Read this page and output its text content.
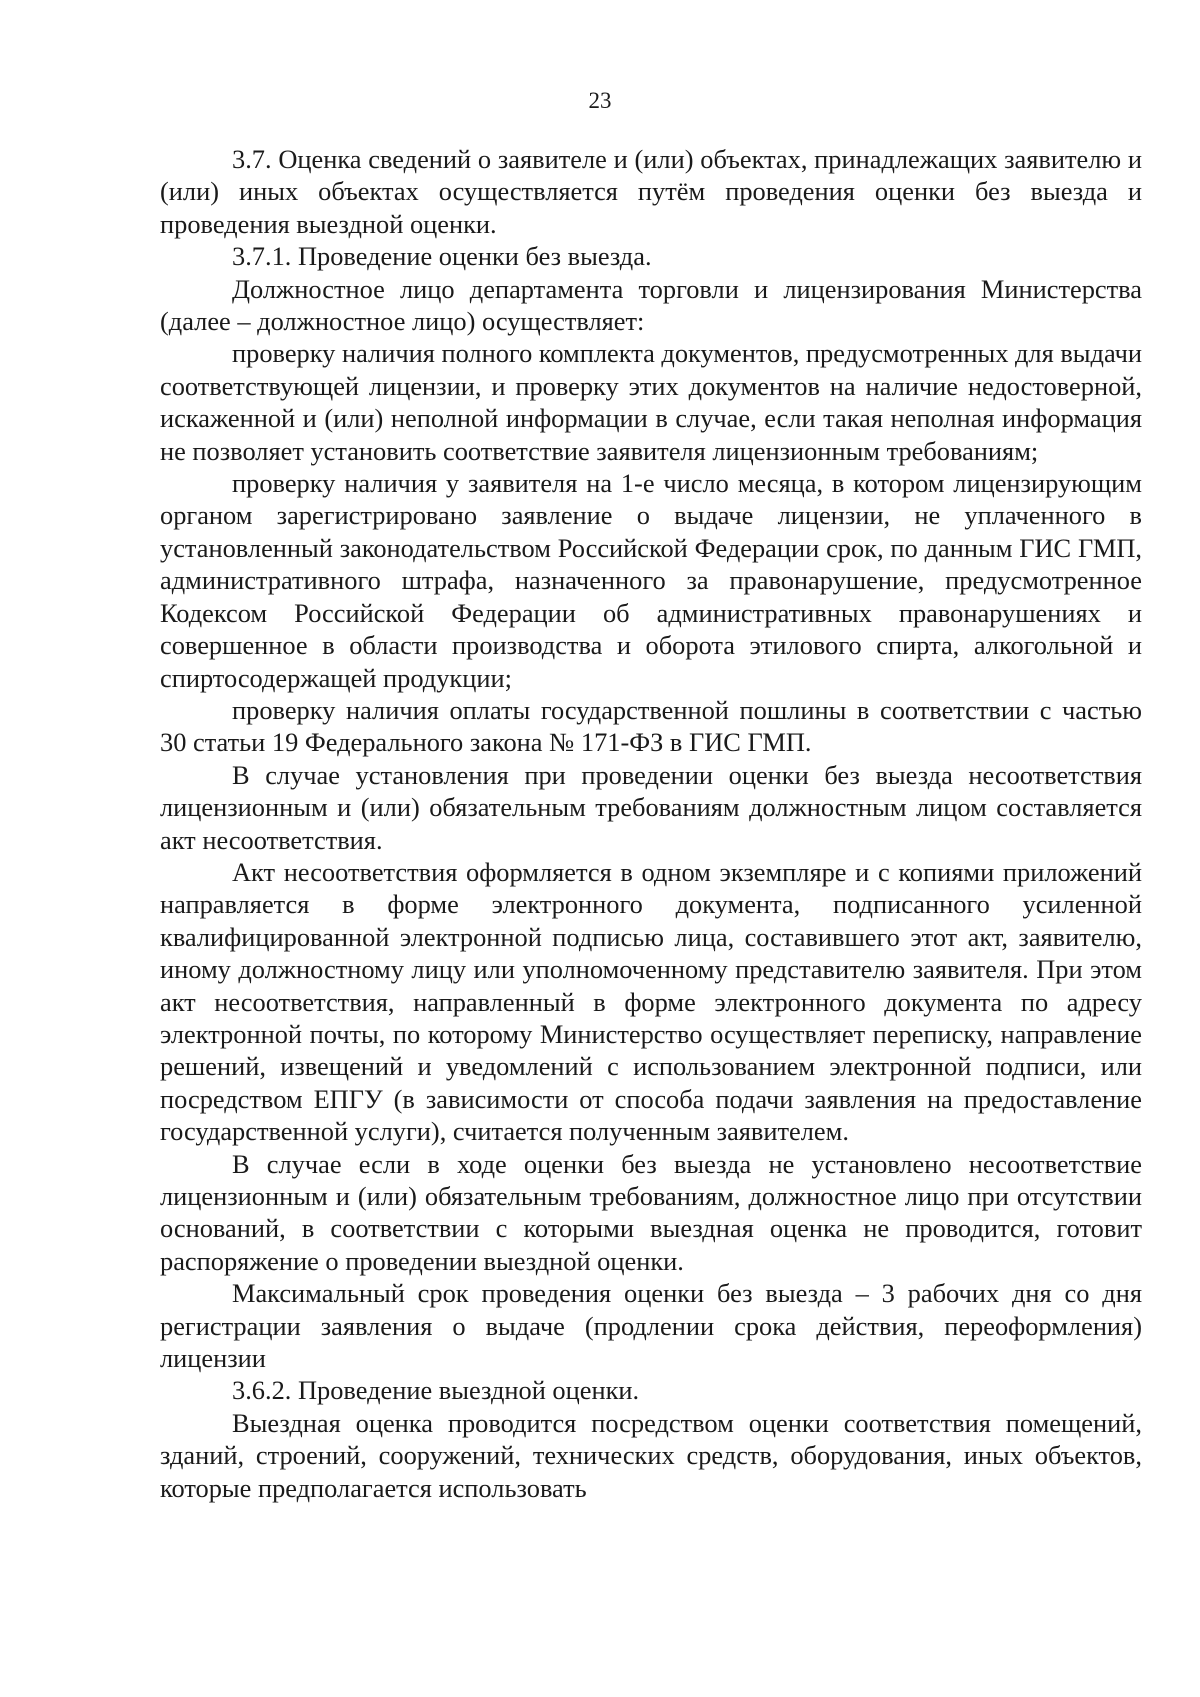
23

3.7. Оценка сведений о заявителе и (или) объектах, принадлежащих заявителю и (или) иных объектах осуществляется путём проведения оценки без выезда и проведения выездной оценки.

3.7.1. Проведение оценки без выезда.

Должностное лицо департамента торговли и лицензирования Министерства (далее – должностное лицо) осуществляет:

проверку наличия полного комплекта документов, предусмотренных для выдачи соответствующей лицензии, и проверку этих документов на наличие недостоверной, искаженной и (или) неполной информации в случае, если такая неполная информация не позволяет установить соответствие заявителя лицензионным требованиям;

проверку наличия у заявителя на 1-е число месяца, в котором лицензирующим органом зарегистрировано заявление о выдаче лицензии, не уплаченного в установленный законодательством Российской Федерации срок, по данным ГИС ГМП, административного штрафа, назначенного за правонарушение, предусмотренное Кодексом Российской Федерации об административных правонарушениях и совершенное в области производства и оборота этилового спирта, алкогольной и спиртосодержащей продукции;

проверку наличия оплаты государственной пошлины в соответствии с частью 30 статьи 19 Федерального закона № 171-ФЗ в ГИС ГМП.

В случае установления при проведении оценки без выезда несоответствия лицензионным и (или) обязательным требованиям должностным лицом составляется акт несоответствия.

Акт несоответствия оформляется в одном экземпляре и с копиями приложений направляется в форме электронного документа, подписанного усиленной квалифицированной электронной подписью лица, составившего этот акт, заявителю, иному должностному лицу или уполномоченному представителю заявителя. При этом акт несоответствия, направленный в форме электронного документа по адресу электронной почты, по которому Министерство осуществляет переписку, направление решений, извещений и уведомлений с использованием электронной подписи, или посредством ЕПГУ (в зависимости от способа подачи заявления на предоставление государственной услуги), считается полученным заявителем.

В случае если в ходе оценки без выезда не установлено несоответствие лицензионным и (или) обязательным требованиям, должностное лицо при отсутствии оснований, в соответствии с которыми выездная оценка не проводится, готовит распоряжение о проведении выездной оценки.

Максимальный срок проведения оценки без выезда – 3 рабочих дня со дня регистрации заявления о выдаче (продлении срока действия, переоформления) лицензии

3.6.2. Проведение выездной оценки.

Выездная оценка проводится посредством оценки соответствия помещений, зданий, строений, сооружений, технических средств, оборудования, иных объектов, которые предполагается использовать
